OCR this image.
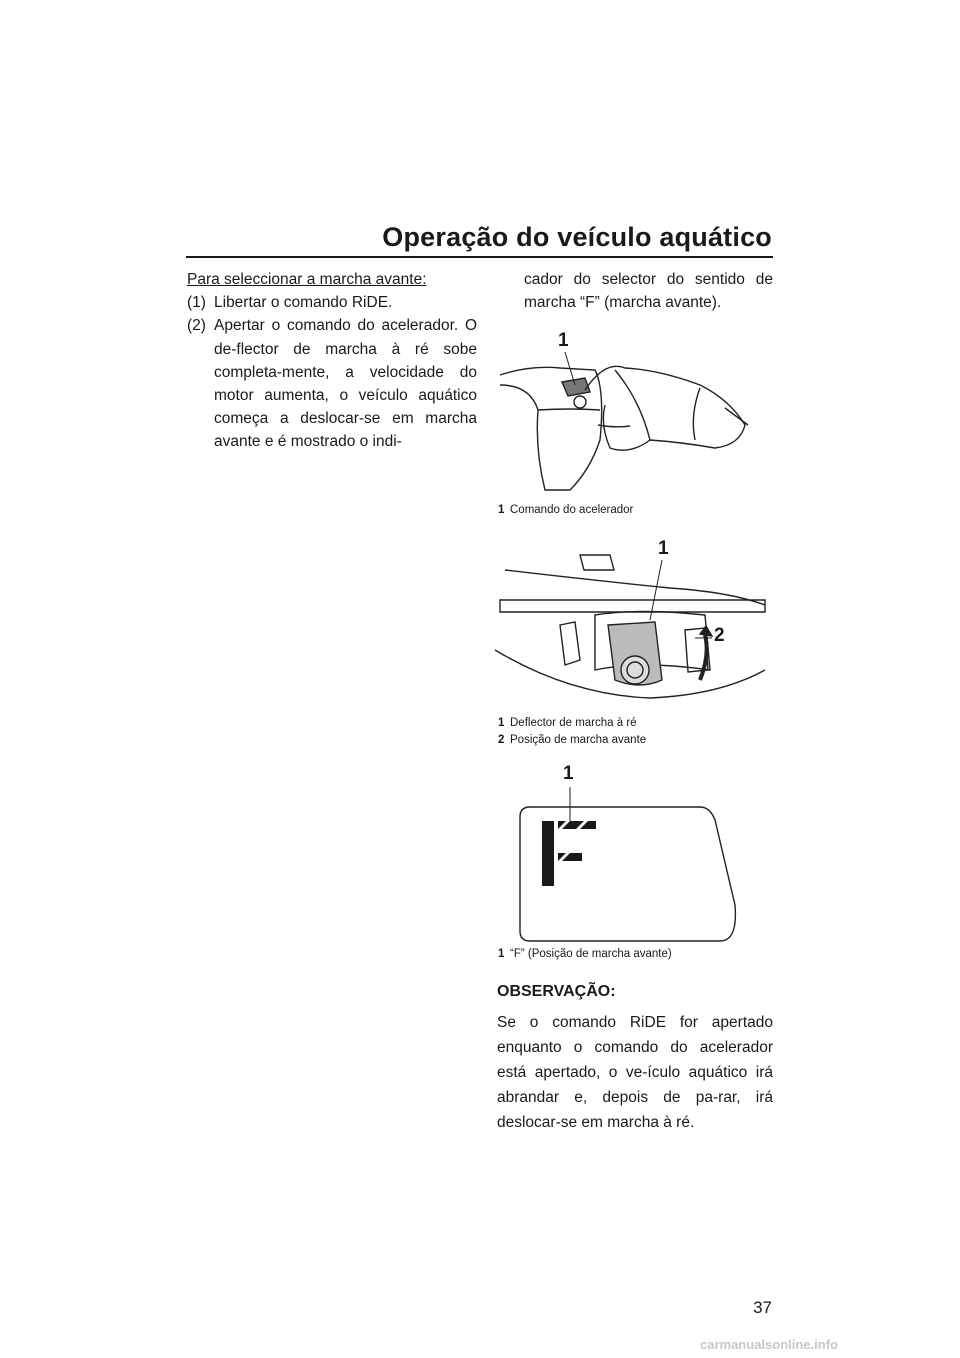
Operação do veículo aquático
Para seleccionar a marcha avante:
(1) Libertar o comando RiDE.
(2) Apertar o comando do acelerador. O de-flector de marcha à ré sobe completa-mente, a velocidade do motor aumenta, o veículo aquático começa a deslocar-se em marcha avante e é mostrado o indi-
cador do selector do sentido de marcha “F” (marcha avante).
1
1 Comando do acelerador
1
2
1 Deflector de marcha à ré
2 Posição de marcha avante
1
1 “F” (Posição de marcha avante)
OBSERVAÇÃO:
Se o comando RiDE for apertado enquanto o comando do acelerador está apertado, o ve-ículo aquático irá abrandar e, depois de pa-rar, irá deslocar-se em marcha à ré.
37
carmanualsonline.info
